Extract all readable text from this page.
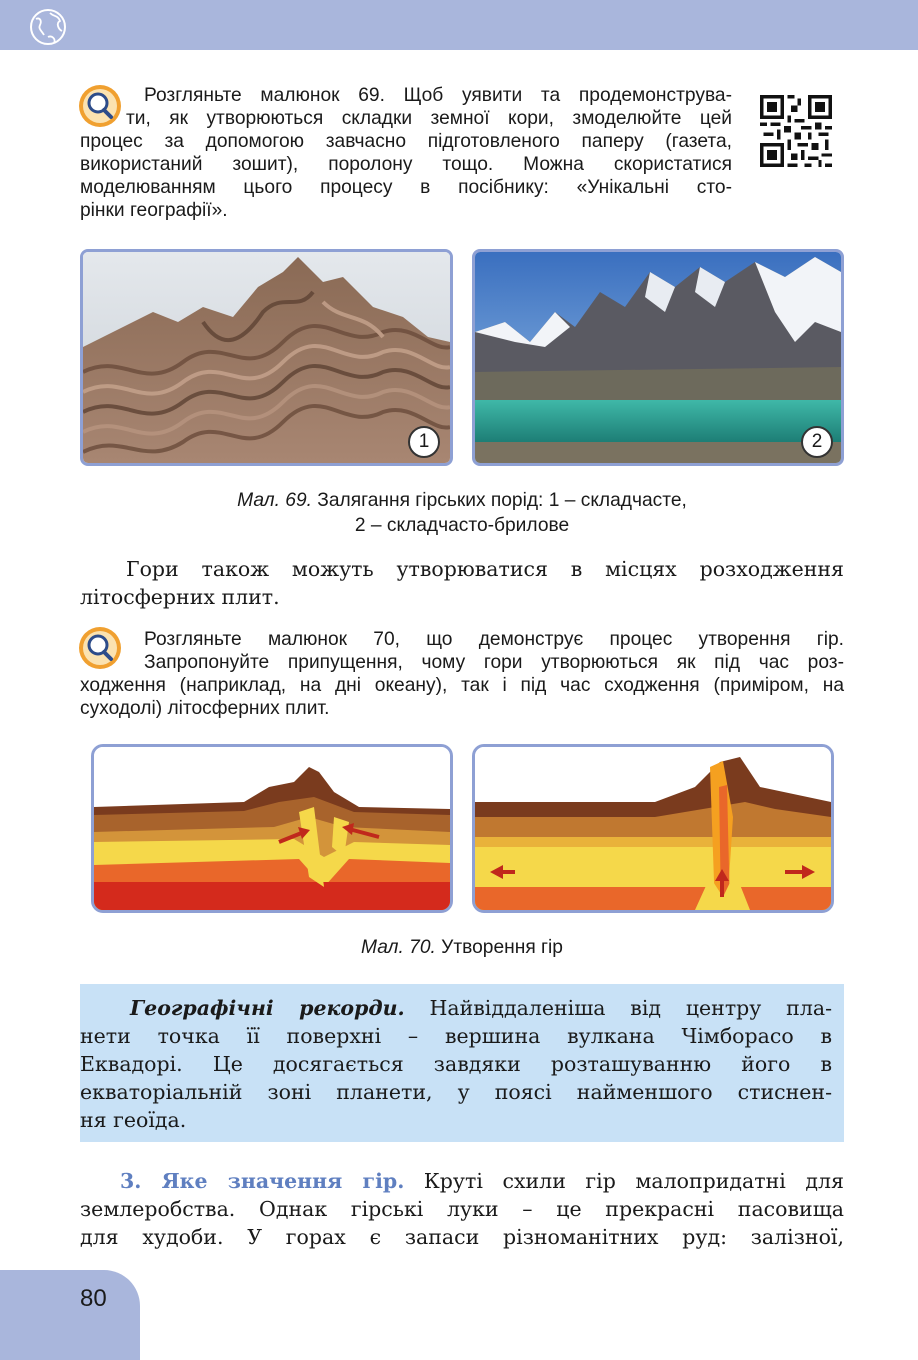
Розгляньте малюнок 69. Щоб уявити та продемонструва-
ти, як утворюються складки земної кори, змоделюйте цей
процес за допомогою завчасно підготовленого паперу (газета,
використаний зошит), поролону тощо. Можна скористатися
моделюванням цього процесу в посібнику: «Унікальні сто-
рінки географії».
1	2
Мал. 69. Залягання гірських порід: 1 – складчасте,
2 – складчасто-брилове
Гори також можуть утворюватися в місцях розходження
літосферних плит.
Розгляньте малюнок 70, що демонструє процес утворення гір.
Запропонуйте припущення, чому гори утворюються як під час роз-
ходження (наприклад, на дні океану), так і під час сходження (приміром, на
суходолі) літосферних плит.
Мал. 70. Утворення гір
Географічні рекорди. Найвіддаленіша від центру пла-
нети точка її поверхні – вершина вулкана Чімборасо в
Еквадорі. Це досягається завдяки розташуванню його в
екваторіальній зоні планети, у поясі найменшого стиснен-
ня геоїда.
3. Яке значення гір. Круті схили гір малопридатні для
землеробства. Однак гірські луки – це прекрасні пасовища
для худоби. У горах є запаси різноманітних руд: залізної,
80
